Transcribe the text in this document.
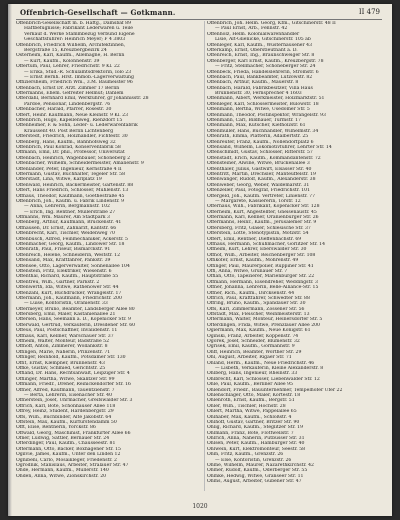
Offenbrich-Gesellschaft — Gotkmann.	II 479
Offenbrich-Gesellschaft m. b. Haftg., Damsbaf 89
Haftbefugnisse; Fabrikant Lederwaren u. Teile
Verkauf d. Werke Stammbezug Verbund Eigene
Geschäftsführer: Heinrich Meyer; F 4 3803
Offenbrich, Friedrich Wilhelm, Architektinnen,
Bergstraße 15, Kreuzbergbezirk 24
Osterheim, Karl, Kaufm., Allemagne, H. Berlin
— Kurt, Kaufm., Kolonnenstr. 39
Offertum, Paul, Lehrer, Friedrichstr. 9 Kl. 22
— Erika, Stud.-R. Schulamtsdrektorin, Iolo 23
— Ernst Bernh. Hrst. Immob.-Lagerverwaltung
Offiziersheim, Friedrich Wm., 3.M. Baumeister 96
Offenbach, Ernst Dr. Arzt. Zimmer 17 Berlin
Offermanns, Ehem. Gefreiter Helmut; Dahlem
Offerdahl, Bernhard Emil, Werkführer, gr Johannisstr. 28
Pardoe, Pensionär, Lindenbergstr. 76
Offenbacher, Harald, Pfarrer, Rosestr. 30
Offert, Heinr. Kaufmann, Neue Kleinstr. 9 Kl. 23
Offenbrich, Hugo, Kapellenweg, Rienzdorf 15
Offenheimer, F. & Sohn, Leder- u. Lederwarenfabrik
Kraussent 40. Post Berlin Lichtenberg
Offerstedt, Friedrich, Holzhändler, Fichtestr. 30
Offenberg, Hans, Kaufm., Bahnhofsweg 32
Offenbrich, Paul Konrad, Konservenfabrik 58
Offmann, Emil, Dr. phil., Professor, Universität
Offenbach, Heinrich, Wagenbauer, Schöneberg 2
Offenbacher, Wilhelm, Schneidermeister, Amalienstr. 9
Offenlander, Peter, Ingenieur, Kernstraße 4 II
Offermann, Gustav, Buchhalter, Tegeler Str. 58
Offerstadt, Lina, Witwe, Karlplatz 19
Offenwald, Heinrich, Bäckermeister, Gartenstr. 88
Offert, Hans Friedrich, Schlosser, Mühlenstr. 13
Offhaus, Theodor, Kaufmann, Goethestraße 45
Offenbrich, Joh., Kaufm. u. Fabrik Lindenstr. 9
— Anna, Lehrerin, Bergmannstr. 102
— Erich, Ing. Rentner, Müllerstraße 27
Offmanns, Wm. Maurer, Am Stadtpark 3
Offenberg, Arthur, Kaufmann, Brückenstr. 41
Offhausen, Dr. Ernst, Zahnarzt, Kantstr. 66
Offenbrecht, Karl, Tischler, Weidenweg 70
Offenbusch, Alfred, Feinmechaniker, Ackerstr. 5
Offenmacher, Georg, Kaufm., Lindower Str. 18
Offenrath, Paul, Friseur, Bismarckstr. 91
Offenreich, Helene, Schneiderin, Weststr. 12
Offensand, Max, Kraftfahrer, Pankstr. 39
Offensee, Otto, Lagerverwalter, Sonnenallee 104
Offenstein, Fritz, Elektriker, Wiesenstr. 6
Offenthal, Richard, Kaufm., Hauptstraße 55
Offentreu, Wilh., Gärtner, Parkstr. 2
Offenwerth, Ida, Witwe, Rathenower Str. 44
Offenzahl, Kurt, Buchdrucker, Wrangelstr. 17
Offermann, Joh., Kaufmann, Friedrichstr. 200
— Luise, Kontoristin, Oranienstr. 33
Offermeyer, Bruno, Beamter, Landsberger Allee 80
Offersberg, Emil, Maler, Kastanienallee 21
Offersen, Hans, Seemann a. D., Köpenicker Str. 9
Offerwald, Gertrud, Verkäuferin, Dresdener Str. 60
Offeus, Paul, Postschaffner, Invalidenstr. 11
Offhaus, Karl, Kellner, Warschauer Str. 37
Offheim, Walter, Monteur, Badstraße 52
Offhoff, Anton, Zimmerer, Wollankstr. 8
Offingen, Marie, Näherin, Prinzenstr. 71
Offinger, Reinhold, Kaufm., Potsdamer Str. 130
Offit, Ernst, Klempner, Brunnenstr. 43
Offke, Gustav, Schmied, Gerichtstr. 25
Offland, Dr. Hans, Rechtsanwalt, Leipziger Str. 4
Offlinger, Martha, Witwe, Skalitzer Str. 99
Offmann, Friedr., Dreher, Reinickendorfer Str. 16
Offner, Alfred, Kaufmann, Tauentzienstr. 7
— Berta, Lehrerin, Eisenacher Str. 40
Offnerstein, Josef, Uhrmacher, Greifswalder Str. 3
Offrich, Karl, Bote, Schönhauser Allee 118
Offrey, Heinz, Student, Hardenbergstr. 29
Offs, Wilh., Buchbinder, Alte Jakobstr. 64
Offstein, Max, Kaufm., Kurfürstendamm 50
Offt, Elise, Rentnerin, Yorckstr. 86
Offwald, Georg, Maschinist, Frankfurter Allee 66
Ofner, Ludwig, Sattler, Bernauer Str. 24
Ofterdinger, Paul, Kaufm., Chausseestr. 81
Oftermann, Otto, Bäcker, Boxhagener Str. 15
Ogilvie, James, Kaufm., Unter den Linden 12
Ognibeni, Carlo, Mosaikleger, Friedenstr. 2
Ogrodnik, Stanislaus, Arbeiter, Stralauer Str. 47
Ohde, Hermann, Kaufm., Müllerstr. 140
Ohden, Anna, Witwe, Zionskirchstr. 20
Offenbrich, Joh. Helm. Georg, Kfm., Gitschinerstr. 48 II
— Paul Ernst, Arb., Fennstr. 42
Offenholz, Helm. Kolonialwarenhändler
Lisie, Alt-Glienicke, Gitschinerstr. 105 ab
Offenleger, Karl, Kaufm., Wusterhausener 43
Offerkamp, Ernst, Oberstleutnant a. D.
Offenreich, Ernst, Ing., Braunschweiger Str. 8
Offenberger, Karl Ernst, Kaufm., Kreuzbergstr. 78
— Fritz, Stellmacher, Schöneberger Str. 24
Offenbeck, Frieda, Handelslehrerin, Stromstr. 6
Offenbach, Paul, Bankbeamter, Lützowstr. 82
Offenbach, Arthur, Kaufm., Mauerstr. 8
Offenbach, Harald, Fabrikbesitzer, Villa Haus
Brunnenstr. 30, Fernsprecher 4 1603
Offenmann, Albert, Werkmeister, Holzmarktstr. 51
Offenleger, Karl, Schlossermeister, Bülowstr. 18
Offenmann, Bertha, Witwe, Usedomer Str. 5
Offenmann, Theodor, Postinspektor, Wrangelstr. 93
Offenmann, Carl, Bildhauer, Turmstr. 17
Offenmann, Max, Kutscher, Kiefholzstr. 61
Offenmüller, Hans, Buchhändler, Wilhelmstr. 34
Offenrath, Emma, Plätterin, Adalbertstr. 25
Offenreuter, Franz, Kaufm., Nollendorfplatz 6
Offensand, Wilhelm, Lokomotivführer, Lehrter Str. 14
Offenschmidt, Gustav, Schlosser, Ritterstr. 57
Offenstadt, Erich, Kaufm., Kommandantenstr. 72
Offensteiner, Alwine, Witwe, Brückenallee 3
Offenthaler, Julius, Gastwirt, Elsasser Str. 40
Offentritt, Martin, Drechsler, Manteuffelstr. 19
Offenwanger, Rudolf, Kaufm., Alexanderstr. 38
Offenweber, Georg, Weber, Waldemarstr. 31
Offenzeller, Paul, Fotograf, Friedrichstr. 101
Offergeld, Joh., Kaufm. Vertreter, Linienstr. 77
— Margarete, Kassiererin, Torstr. 12
Offerhaus, Wilh., Fabrikant, Köpenicker Str. 128
Offerheim, Kurt, Angestellter, Gneisenaustr. 45
Offermann, Karl, Kellner, Oranienburger Str. 26
Offermanns, Heinr., Kaufm., Jerusalemer Str. 9
Offersberg, Fritz, Glaser, Schlesische Str. 37
Offerstein, Lotte, Stenotypistin, Motzstr. 54
Offert, Emil, Rentner, Dieffenbachstr. 69
Offhaus, Hermann, Schuhmacher, Görlitzer Str. 14
Offheim, Kurt, Lehrer, Eberswalder Str. 30
Offhof, Wilh., Arbeiter, Reichenberger Str. 108
Offikofer, Ernst, Kaufm., Mohrenstr. 49
Offinger, Paul, Maurerpolier, Ruppiner Str. 41
Offl, Anna, Witwe, Grünauer Str. 7
Offlan, Otto, Tapezierer, Marienburger Str. 22
Offmann, Hermann, Eisendreher, Weddingstr. 3
Offner, Johanna, Lehrerin, Belle-Alliance-Str. 15
Offner, Rich., Kaufm., Dircksenstr. 44
Offrich, Paul, Kraftfahrer, Schwedter Str. 88
Offring, Bruno, Kaufm., Spandauer Str. 30
Offs, Karl, Zimmermann, Zossener Str. 56
Offstadt, Max, Fleischer, Weinmeisterstr. 13
Oftermann, Walter, Monteur, Heinersdorfer Str. 5
Ofterdingen, Frida, Witwe, Prenzlauer Allee 200
Ogiermann, Max, Kaufm., Neue Königstr. 61
Oginski, Franz, Arbeiter, Koppenstr. 74
Ogorek, Josef, Schneider, Blumenstr. 32
Ogrisek, Emil, Kaufm., Gormannstr. 9
Ohff, Heinrich, Beamter, Wörther Str. 29
Ohl, August, Arbeiter, Rigaer Str. 71
Ohland, Herm., Kaufm., Neue Friedrichstr. 46
— Lisbeth, Verkäuferin, Kleine Alexanderstr. 8
Ohlberg, Hans, Ingenieur, Rheinstr. 33
Ohlbrecht, Karl, Schlosser, Liebenwalder Str. 12
Ohle, Paul, Kaufm., Berliner Allee 95
Ohlendorf, Friedr., Bauunternehmer, Tempelhofer Ufer 22
Ohlenschläger, Otto, Maler, Körtestr. 18
Ohlenroth, Ernst, Kaufm., Bergstr. 51
Ohler, Wilh., Tischler, Hochstr. 28
Ohlert, Martha, Witwe, Pappelallee 65
Ohlhaber, Max, Kaufm., Schloßstr. 4
Ohlhoff, Gustav, Gärtner, Britzer Str. 90
Ohlig, Richard, Kaufm., Steglitzer Str. 19
Ohlmann, Franz, Bote, Flottwellstr. 7
Ohlrich, Anna, Näherin, Putbusser Str. 31
Ohlsen, Peter, Kaufm., Hamburger Str. 40
Ohlwein, Kurt, Elektromonteur, Seestr. 58
Ohm, Fritz, Kaufm., Grenzstr. 26
— Else, Kontoristin, Grenzstr. 26
Ohme, Wilhelm, Maurer, Nazarethkirchstr. 42
Ohmer, Rudolf, Kaufm., Oderberger Str. 55
Ohmke, Hedwig, Witwe, Granseer Str. 11
Ohms, August, Arbeiter, Gubener Str. 47
1020
